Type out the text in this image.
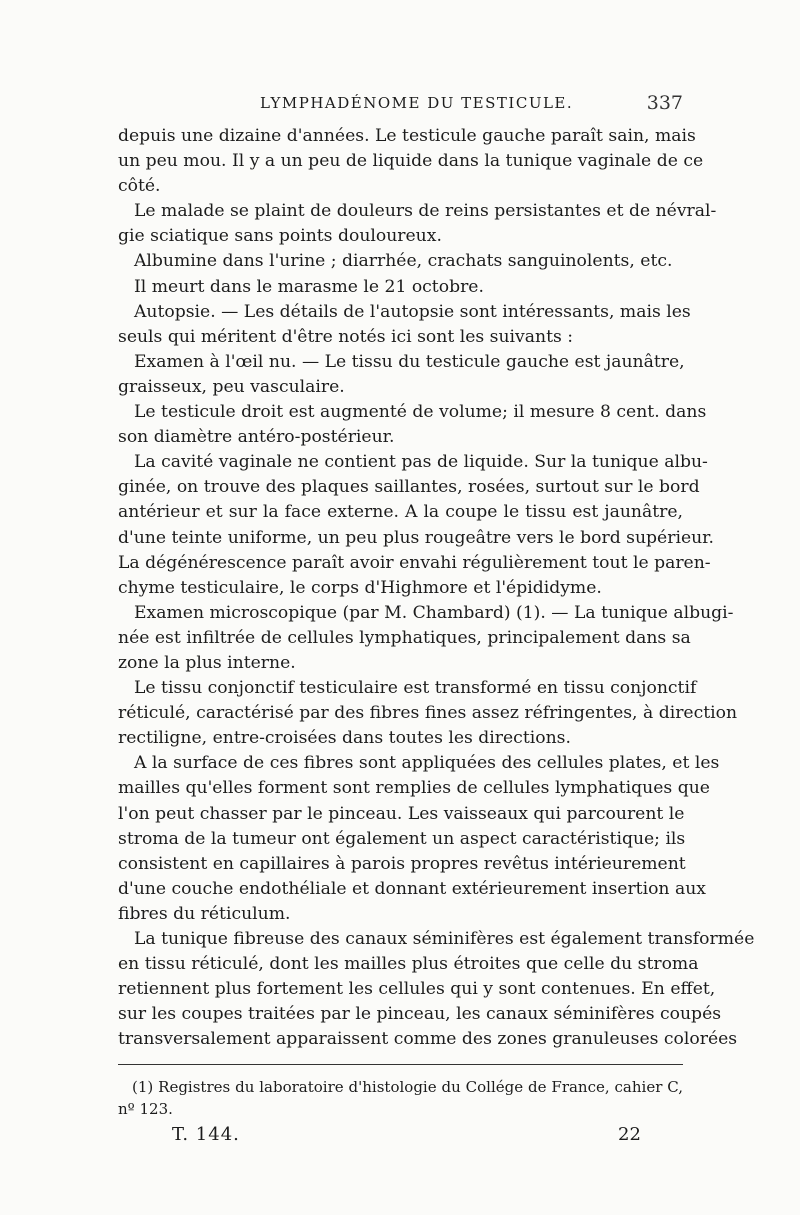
LYMPHADÉNOME DU TESTICULE.	337
depuis une dizaine d'années. Le testicule gauche paraît sain, mais
un peu mou. Il y a un peu de liquide dans la tunique vaginale de ce
côté.
Le malade se plaint de douleurs de reins persistantes et de névral-
gie sciatique sans points douloureux.
Albumine dans l'urine ; diarrhée, crachats sanguinolents, etc.
Il meurt dans le marasme le 21 octobre.
Autopsie. — Les détails de l'autopsie sont intéressants, mais les
seuls qui méritent d'être notés ici sont les suivants :
Examen à l'œil nu. — Le tissu du testicule gauche est jaunâtre,
graisseux, peu vasculaire.
Le testicule droit est augmenté de volume; il mesure 8 cent. dans
son diamètre antéro-postérieur.
La cavité vaginale ne contient pas de liquide. Sur la tunique albu-
ginée, on trouve des plaques saillantes, rosées, surtout sur le bord
antérieur et sur la face externe. A la coupe le tissu est jaunâtre,
d'une teinte uniforme, un peu plus rougeâtre vers le bord supérieur.
La dégénérescence paraît avoir envahi régulièrement tout le paren-
chyme testiculaire, le corps d'Highmore et l'épididyme.
Examen microscopique (par M. Chambard) (1). — La tunique albugi-
née est infiltrée de cellules lymphatiques, principalement dans sa
zone la plus interne.
Le tissu conjonctif testiculaire est transformé en tissu conjonctif
réticulé, caractérisé par des fibres fines assez réfringentes, à direction
rectiligne, entre-croisées dans toutes les directions.
A la surface de ces fibres sont appliquées des cellules plates, et les
mailles qu'elles forment sont remplies de cellules lymphatiques que
l'on peut chasser par le pinceau. Les vaisseaux qui parcourent le
stroma de la tumeur ont également un aspect caractéristique; ils
consistent en capillaires à parois propres revêtus intérieurement
d'une couche endothéliale et donnant extérieurement insertion aux
fibres du réticulum.
La tunique fibreuse des canaux séminifères est également transformée
en tissu réticulé, dont les mailles plus étroites que celle du stroma
retiennent plus fortement les cellules qui y sont contenues. En effet,
sur les coupes traitées par le pinceau, les canaux séminifères coupés
transversalement apparaissent comme des zones granuleuses colorées
(1) Registres du laboratoire d'histologie du Collége de France, cahier C,
nº 123.
T. 144.	22
